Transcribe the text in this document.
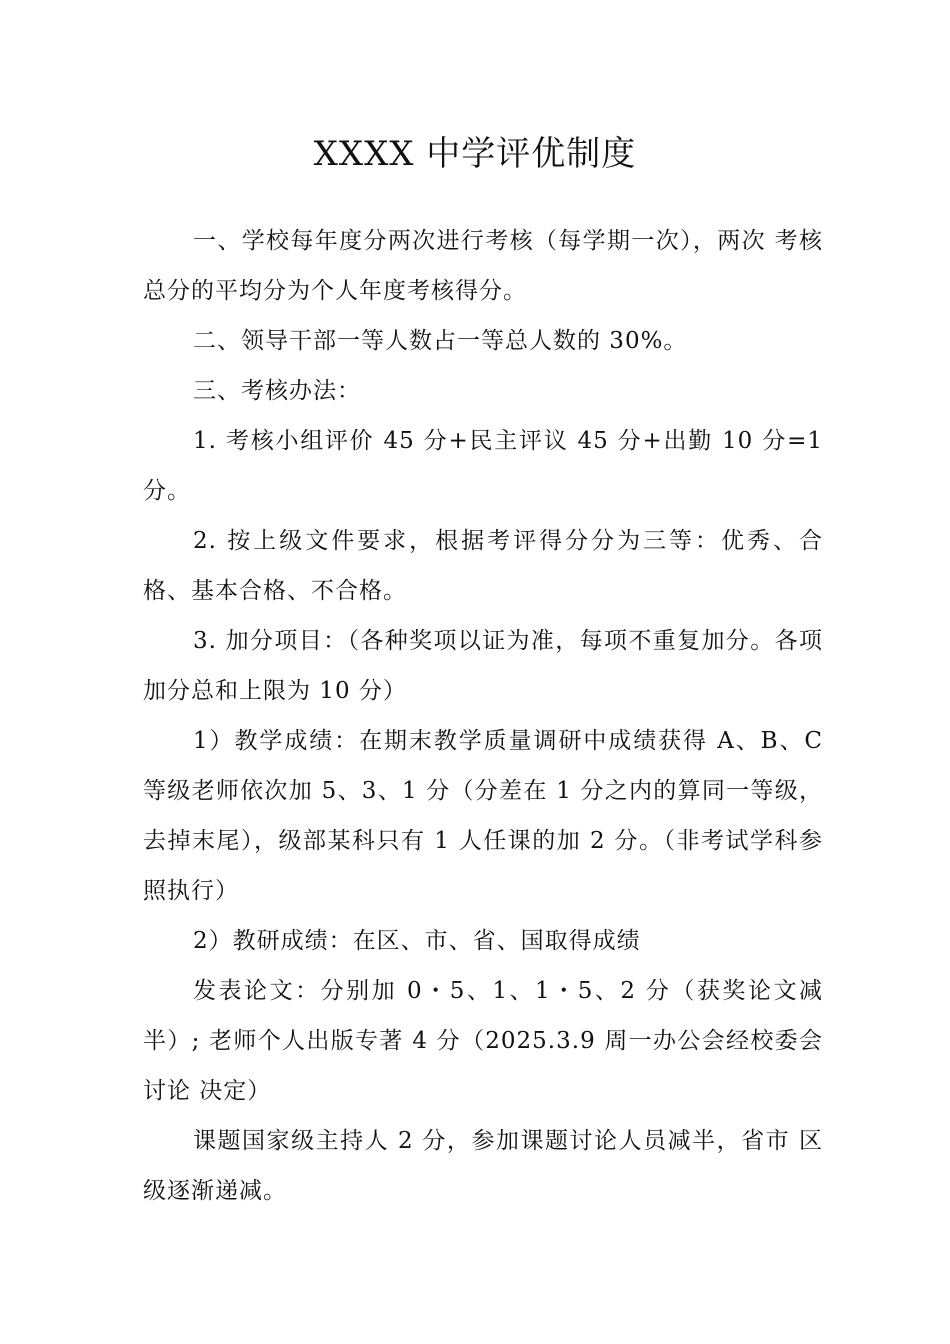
XXXX 中学评优制度

一、学校每年度分两次进行考核（每学期一次），两次 考核总分的平均分为个人年度考核得分。

二、领导干部一等人数占一等总人数的 30%。

三、考核办法：

1. 考核小组评价 45 分+民主评议 45 分+出勤 10 分=1 分。

2. 按上级文件要求，根据考评得分分为三等：优秀、合格、基本合格、不合格。

3. 加分项目：（各种奖项以证为准，每项不重复加分。各项加分总和上限为 10 分）

1）教学成绩：在期末教学质量调研中成绩获得 A、B、C 等级老师依次加 5、3、1 分（分差在 1 分之内的算同一等级，去掉末尾），级部某科只有 1 人任课的加 2 分。（非考试学科参照执行）

2）教研成绩：在区、市、省、国取得成绩

发表论文：分别加 0・5、1、1・5、2 分（获奖论文减半）; 老师个人出版专著 4 分（2025.3.9 周一办公会经校委会讨论 决定）

课题国家级主持人 2 分，参加课题讨论人员减半，省市 区级逐渐递减。
